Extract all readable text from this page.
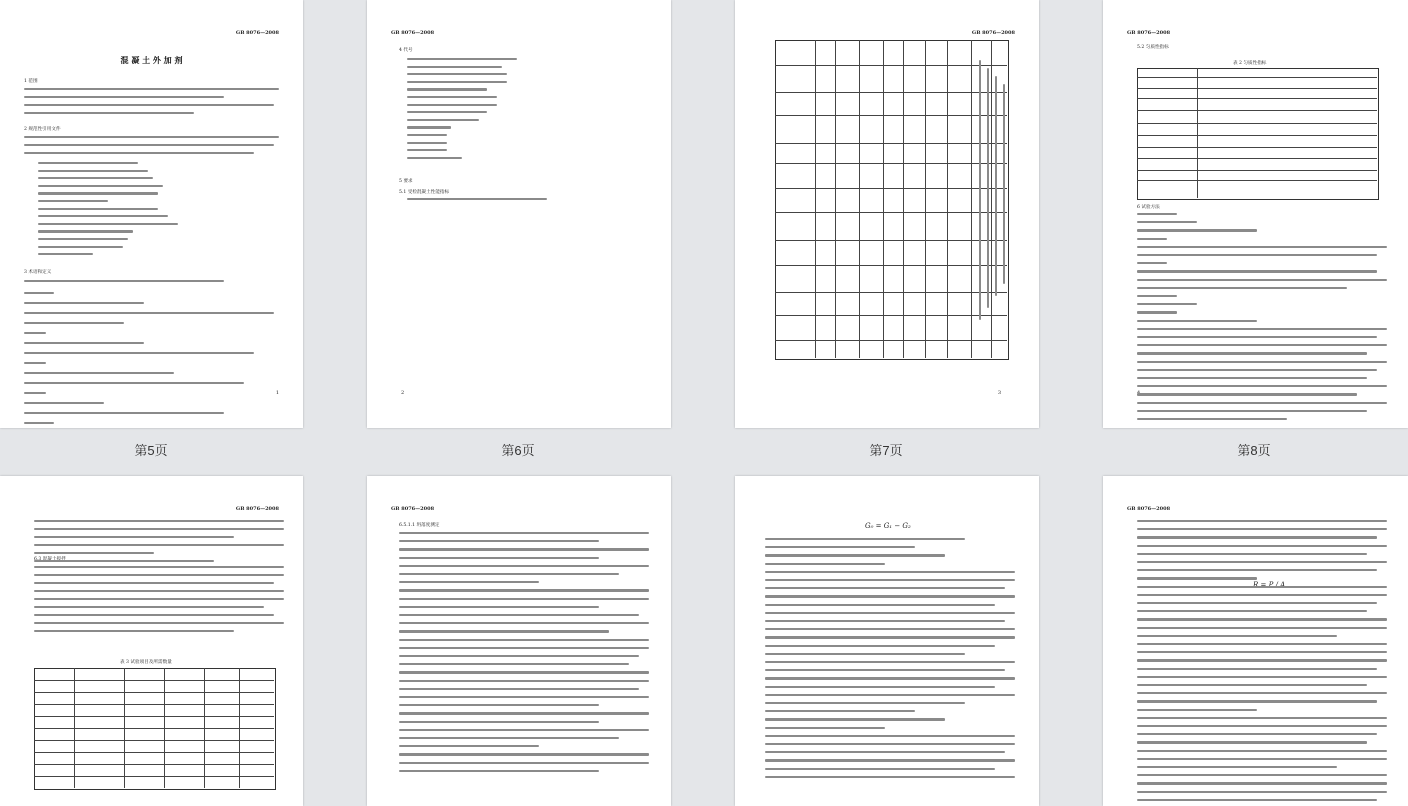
GB 8076—2008
混 凝 土 外 加 剂
1 范围
2 规范性引用文件
3 术语和定义
1
第5页
GB 8076—2008
4 代号
5 要求
5.1 受检混凝土性能指标
2
第6页
GB 8076—2008
3
第7页
GB 8076—2008
5.2 匀质性指标
表 2 匀质性指标
6 试验方法
第8页
GB 8076—2008
表 3 试验项目及所需数量
GB 8076—2008
6.5.1.1 坍落度测定	G₀ = G₁ − G₂
GB 8076—2008
